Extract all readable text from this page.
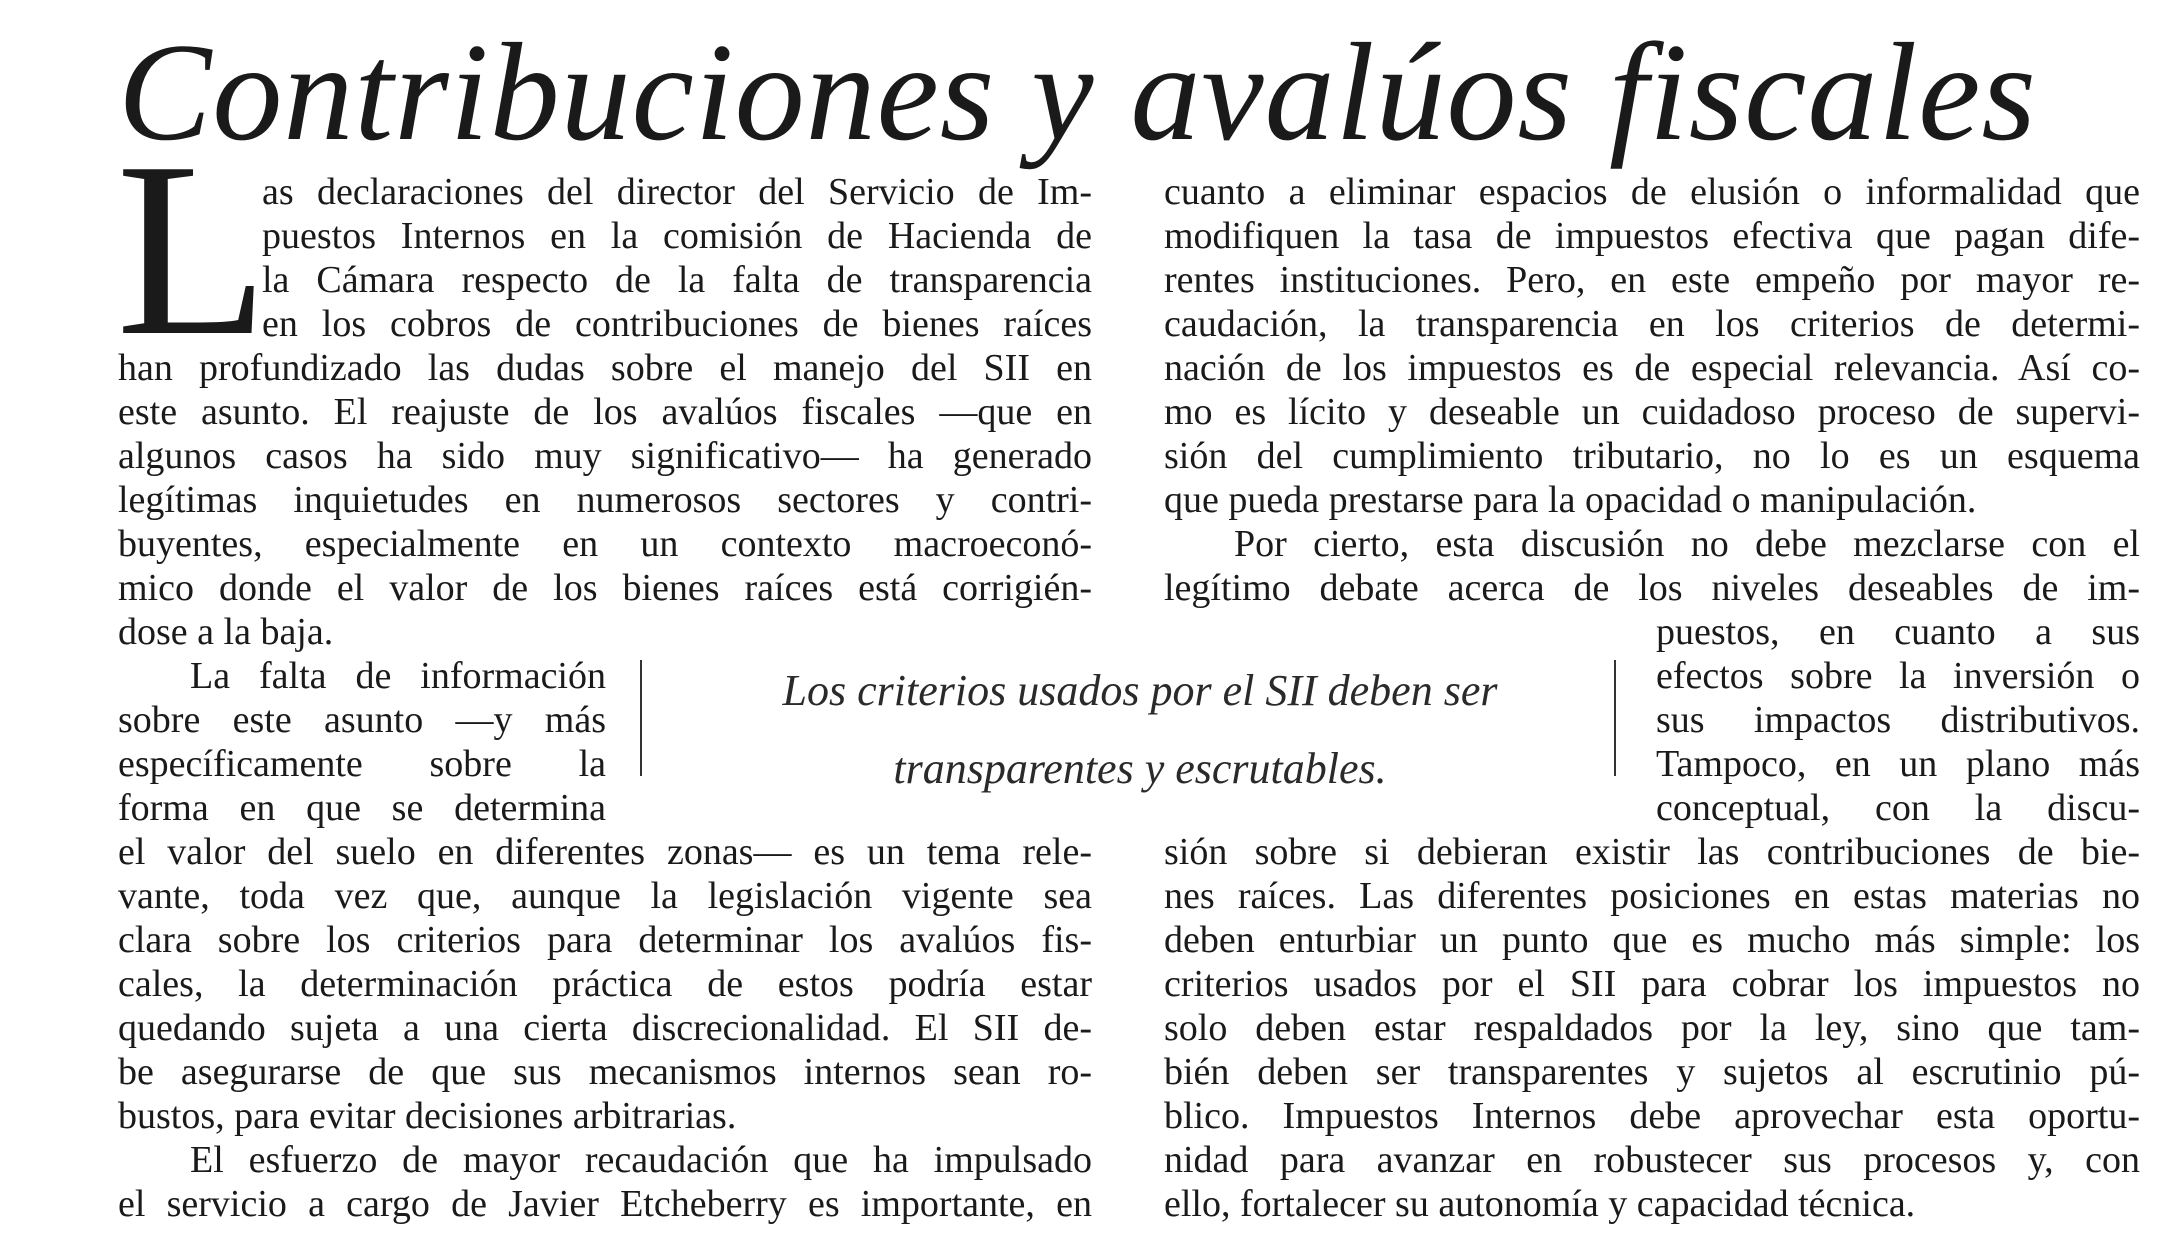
Contribuciones y avalúos fiscales
L
as declaraciones del director del Servicio de Im-
puestos Internos en la comisión de Hacienda de
la Cámara respecto de la falta de transparencia
en los cobros de contribuciones de bienes raíces
han profundizado las dudas sobre el manejo del SII en
este asunto. El reajuste de los avalúos fiscales —que en
algunos casos ha sido muy significativo— ha generado
legítimas inquietudes en numerosos sectores y contri-
buyentes, especialmente en un contexto macroeconó-
mico donde el valor de los bienes raíces está corrigién-
dose a la baja.
La falta de información
sobre este asunto —y más
específicamente sobre la
forma en que se determina
el valor del suelo en diferentes zonas— es un tema rele-
vante, toda vez que, aunque la legislación vigente sea
clara sobre los criterios para determinar los avalúos fis-
cales, la determinación práctica de estos podría estar
quedando sujeta a una cierta discrecionalidad. El SII de-
be asegurarse de que sus mecanismos internos sean ro-
bustos, para evitar decisiones arbitrarias.
El esfuerzo de mayor recaudación que ha impulsado
el servicio a cargo de Javier Etcheberry es importante, en
cuanto a eliminar espacios de elusión o informalidad que
modifiquen la tasa de impuestos efectiva que pagan dife-
rentes instituciones. Pero, en este empeño por mayor re-
caudación, la transparencia en los criterios de determi-
nación de los impuestos es de especial relevancia. Así co-
mo es lícito y deseable un cuidadoso proceso de supervi-
sión del cumplimiento tributario, no lo es un esquema
que pueda prestarse para la opacidad o manipulación.
Por cierto, esta discusión no debe mezclarse con el
legítimo debate acerca de los niveles deseables de im-
puestos, en cuanto a sus
efectos sobre la inversión o
sus impactos distributivos.
Tampoco, en un plano más
conceptual, con la discu-
sión sobre si debieran existir las contribuciones de bie-
nes raíces. Las diferentes posiciones en estas materias no
deben enturbiar un punto que es mucho más simple: los
criterios usados por el SII para cobrar los impuestos no
solo deben estar respaldados por la ley, sino que tam-
bién deben ser transparentes y sujetos al escrutinio pú-
blico. Impuestos Internos debe aprovechar esta oportu-
nidad para avanzar en robustecer sus procesos y, con
ello, fortalecer su autonomía y capacidad técnica.
Los criterios usados por el SII deben ser
transparentes y escrutables.
